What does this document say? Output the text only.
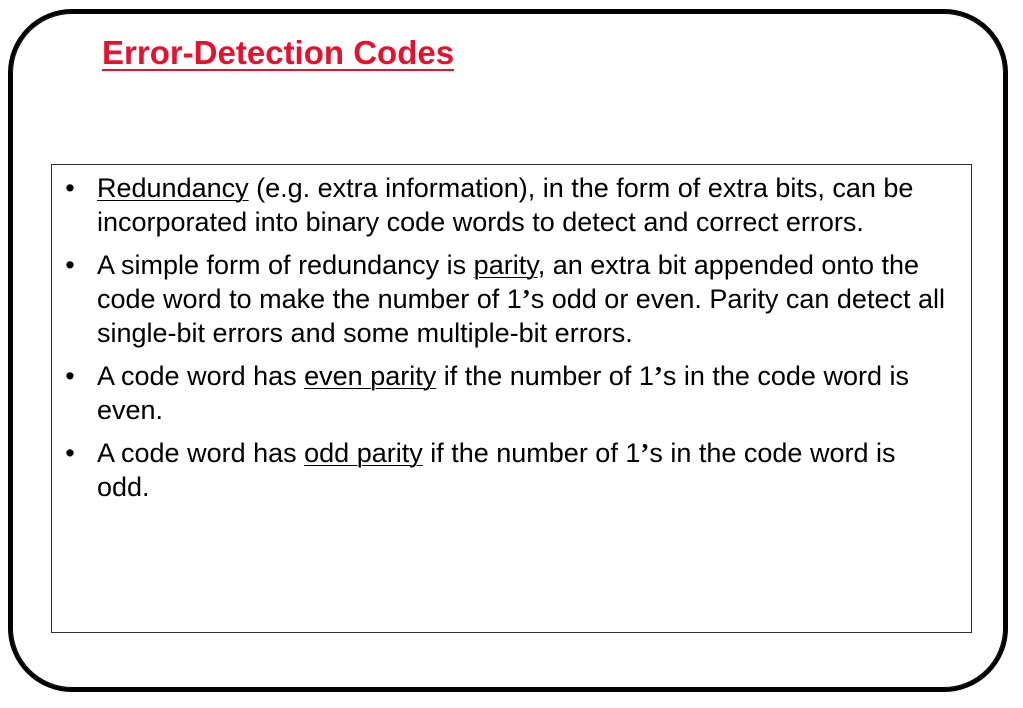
Error-Detection Codes
• Redundancy (e.g. extra information), in the form of extra bits, can be incorporated into binary code words to detect and correct errors.
• A simple form of redundancy is parity, an extra bit appended onto the code word to make the number of 1’s odd or even. Parity can detect all single-bit errors and some multiple-bit errors.
• A code word has even parity if the number of 1’s in the code word is even.
• A code word has odd parity if the number of 1’s in the code word is odd.
